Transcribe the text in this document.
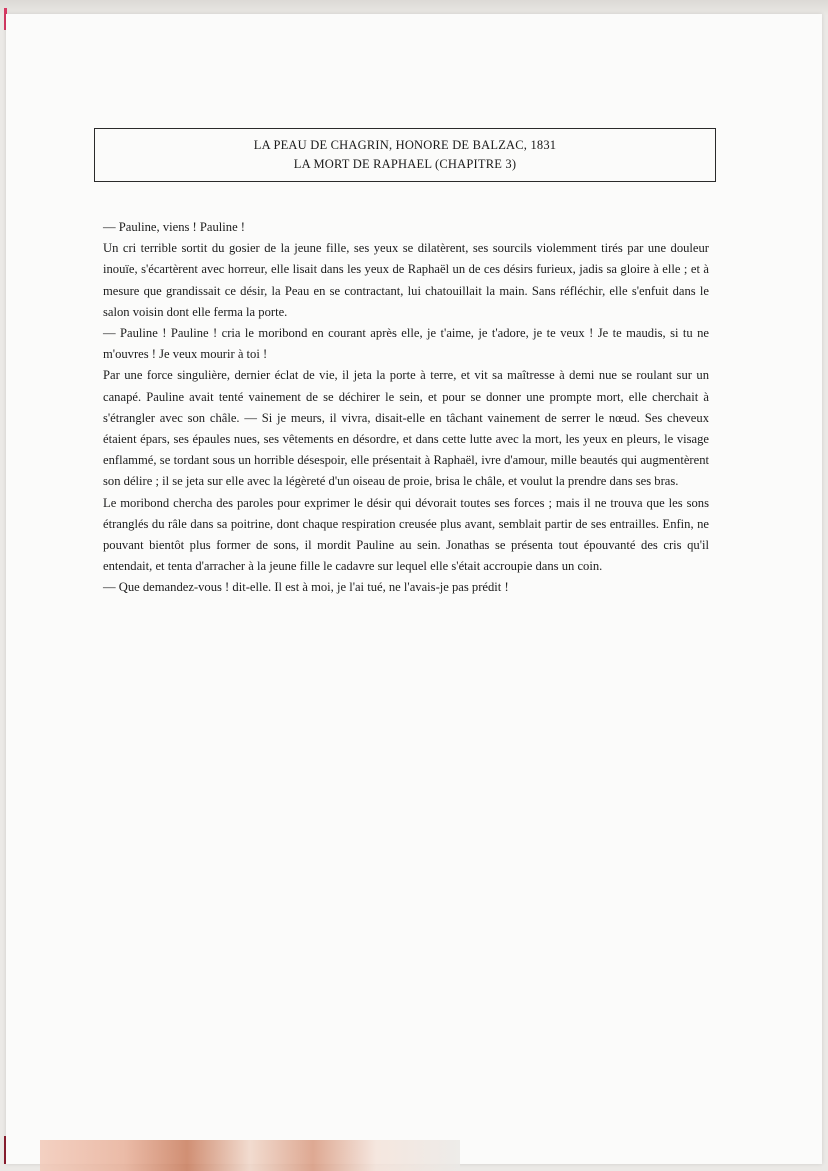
LA PEAU DE CHAGRIN, HONORE DE BALZAC, 1831
LA MORT DE RAPHAEL (CHAPITRE 3)

— Pauline, viens ! Pauline !

Un cri terrible sortit du gosier de la jeune fille, ses yeux se dilatèrent, ses sourcils violemment tirés par une douleur inouïe, s'écartèrent avec horreur, elle lisait dans les yeux de Raphaël un de ces désirs furieux, jadis sa gloire à elle ; et à mesure que grandissait ce désir, la Peau en se contractant, lui chatouillait la main. Sans réfléchir, elle s'enfuit dans le salon voisin dont elle ferma la porte.

— Pauline ! Pauline ! cria le moribond en courant après elle, je t'aime, je t'adore, je te veux ! Je te maudis, si tu ne m'ouvres ! Je veux mourir à toi !

Par une force singulière, dernier éclat de vie, il jeta la porte à terre, et vit sa maîtresse à demi nue se roulant sur un canapé. Pauline avait tenté vainement de se déchirer le sein, et pour se donner une prompte mort, elle cherchait à s'étrangler avec son châle. — Si je meurs, il vivra, disait-elle en tâchant vainement de serrer le nœud. Ses cheveux étaient épars, ses épaules nues, ses vêtements en désordre, et dans cette lutte avec la mort, les yeux en pleurs, le visage enflammé, se tordant sous un horrible désespoir, elle présentait à Raphaël, ivre d'amour, mille beautés qui augmentèrent son délire ; il se jeta sur elle avec la légèreté d'un oiseau de proie, brisa le châle, et voulut la prendre dans ses bras.

Le moribond chercha des paroles pour exprimer le désir qui dévorait toutes ses forces ; mais il ne trouva que les sons étranglés du râle dans sa poitrine, dont chaque respiration creusée plus avant, semblait partir de ses entrailles. Enfin, ne pouvant bientôt plus former de sons, il mordit Pauline au sein. Jonathas se présenta tout épouvanté des cris qu'il entendait, et tenta d'arracher à la jeune fille le cadavre sur lequel elle s'était accroupie dans un coin.

— Que demandez-vous ! dit-elle. Il est à moi, je l'ai tué, ne l'avais-je pas prédit !
